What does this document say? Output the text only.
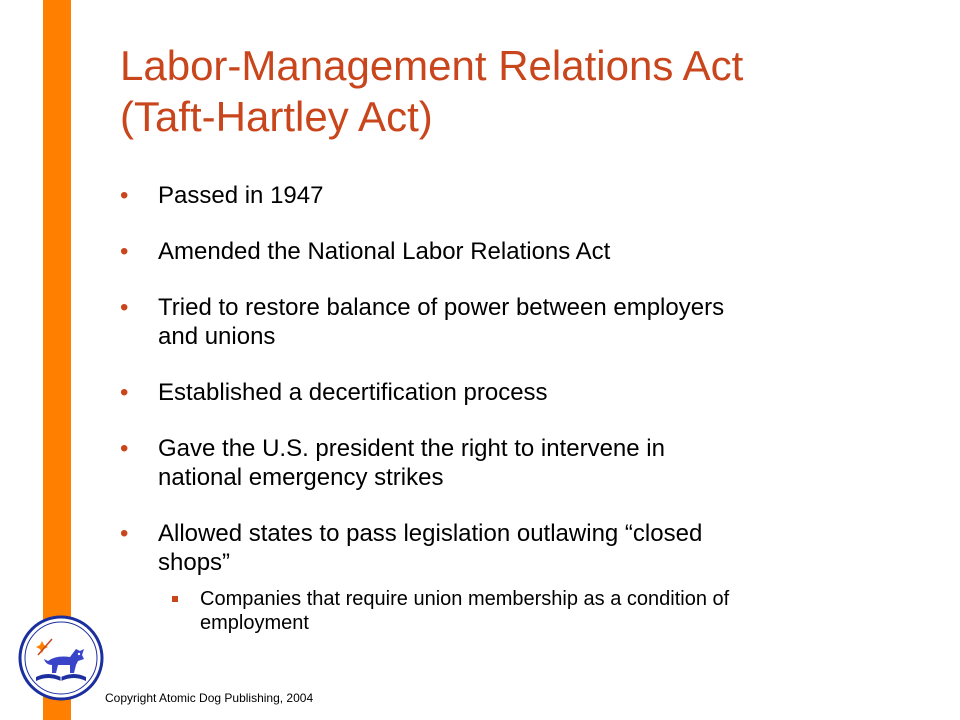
Labor-Management Relations Act
(Taft-Hartley Act)
• Passed in 1947
• Amended the National Labor Relations Act
• Tried to restore balance of power between employers
and unions
• Established a decertification process
• Gave the U.S. president the right to intervene in
national emergency strikes
• Allowed states to pass legislation outlawing “closed
shops”
Companies that require union membership as a condition of
employment
Copyright Atomic Dog Publishing, 2004
